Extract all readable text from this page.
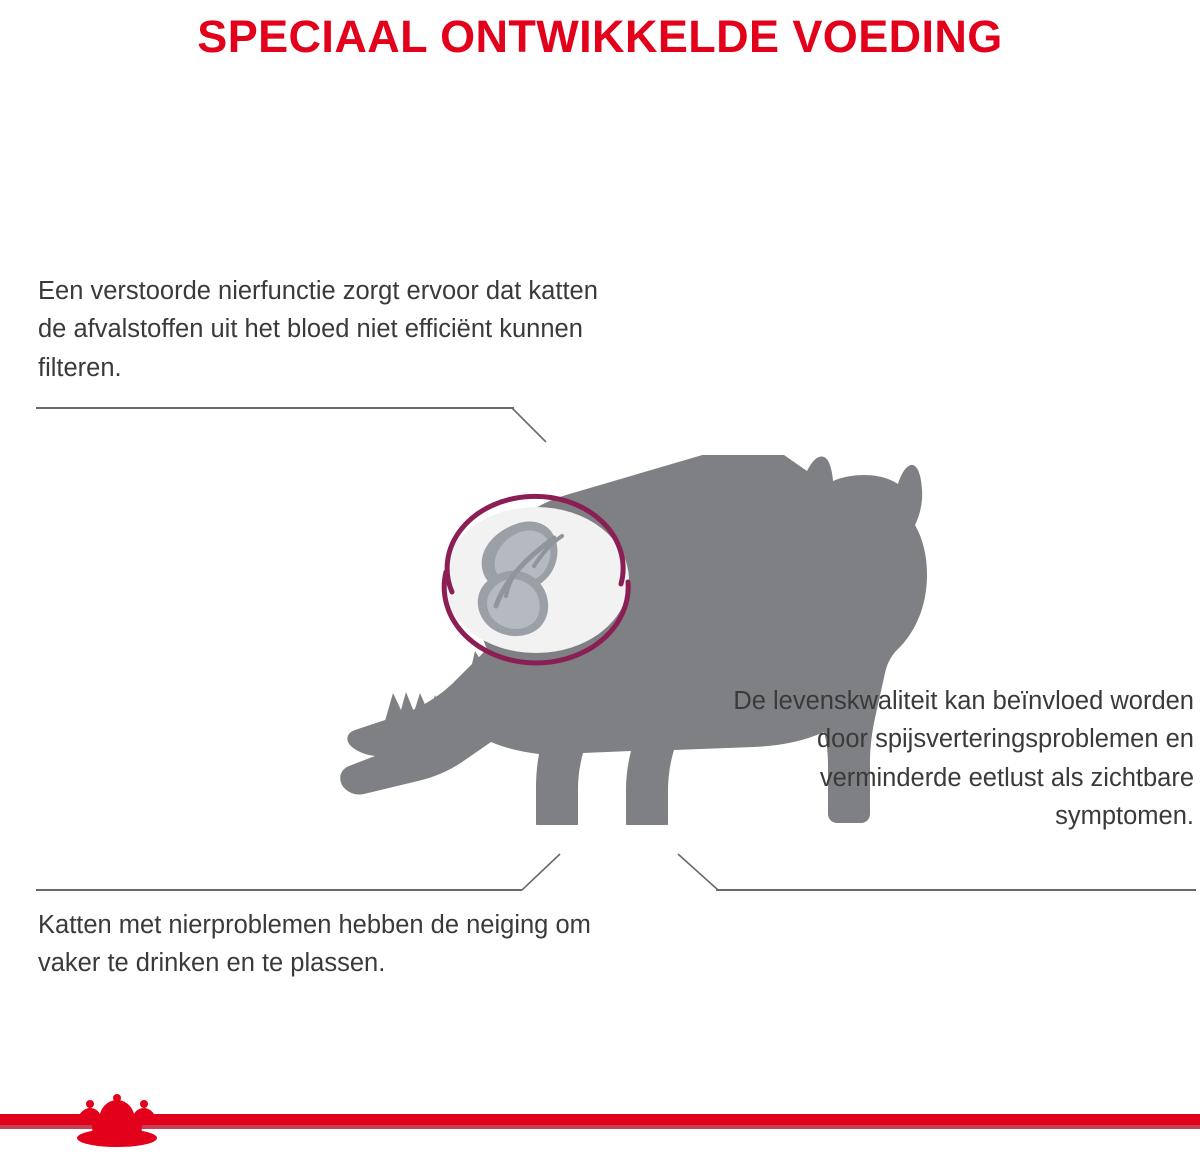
SPECIAAL ONTWIKKELDE VOEDING
Een verstoorde nierfunctie zorgt ervoor dat katten de afvalstoffen uit het bloed niet efficiënt kunnen filteren.
De levenskwaliteit kan beïnvloed worden door spijsverteringsproblemen en verminderde eetlust als zichtbare symptomen.
Katten met nierproblemen hebben de neiging om vaker te drinken en te plassen.
